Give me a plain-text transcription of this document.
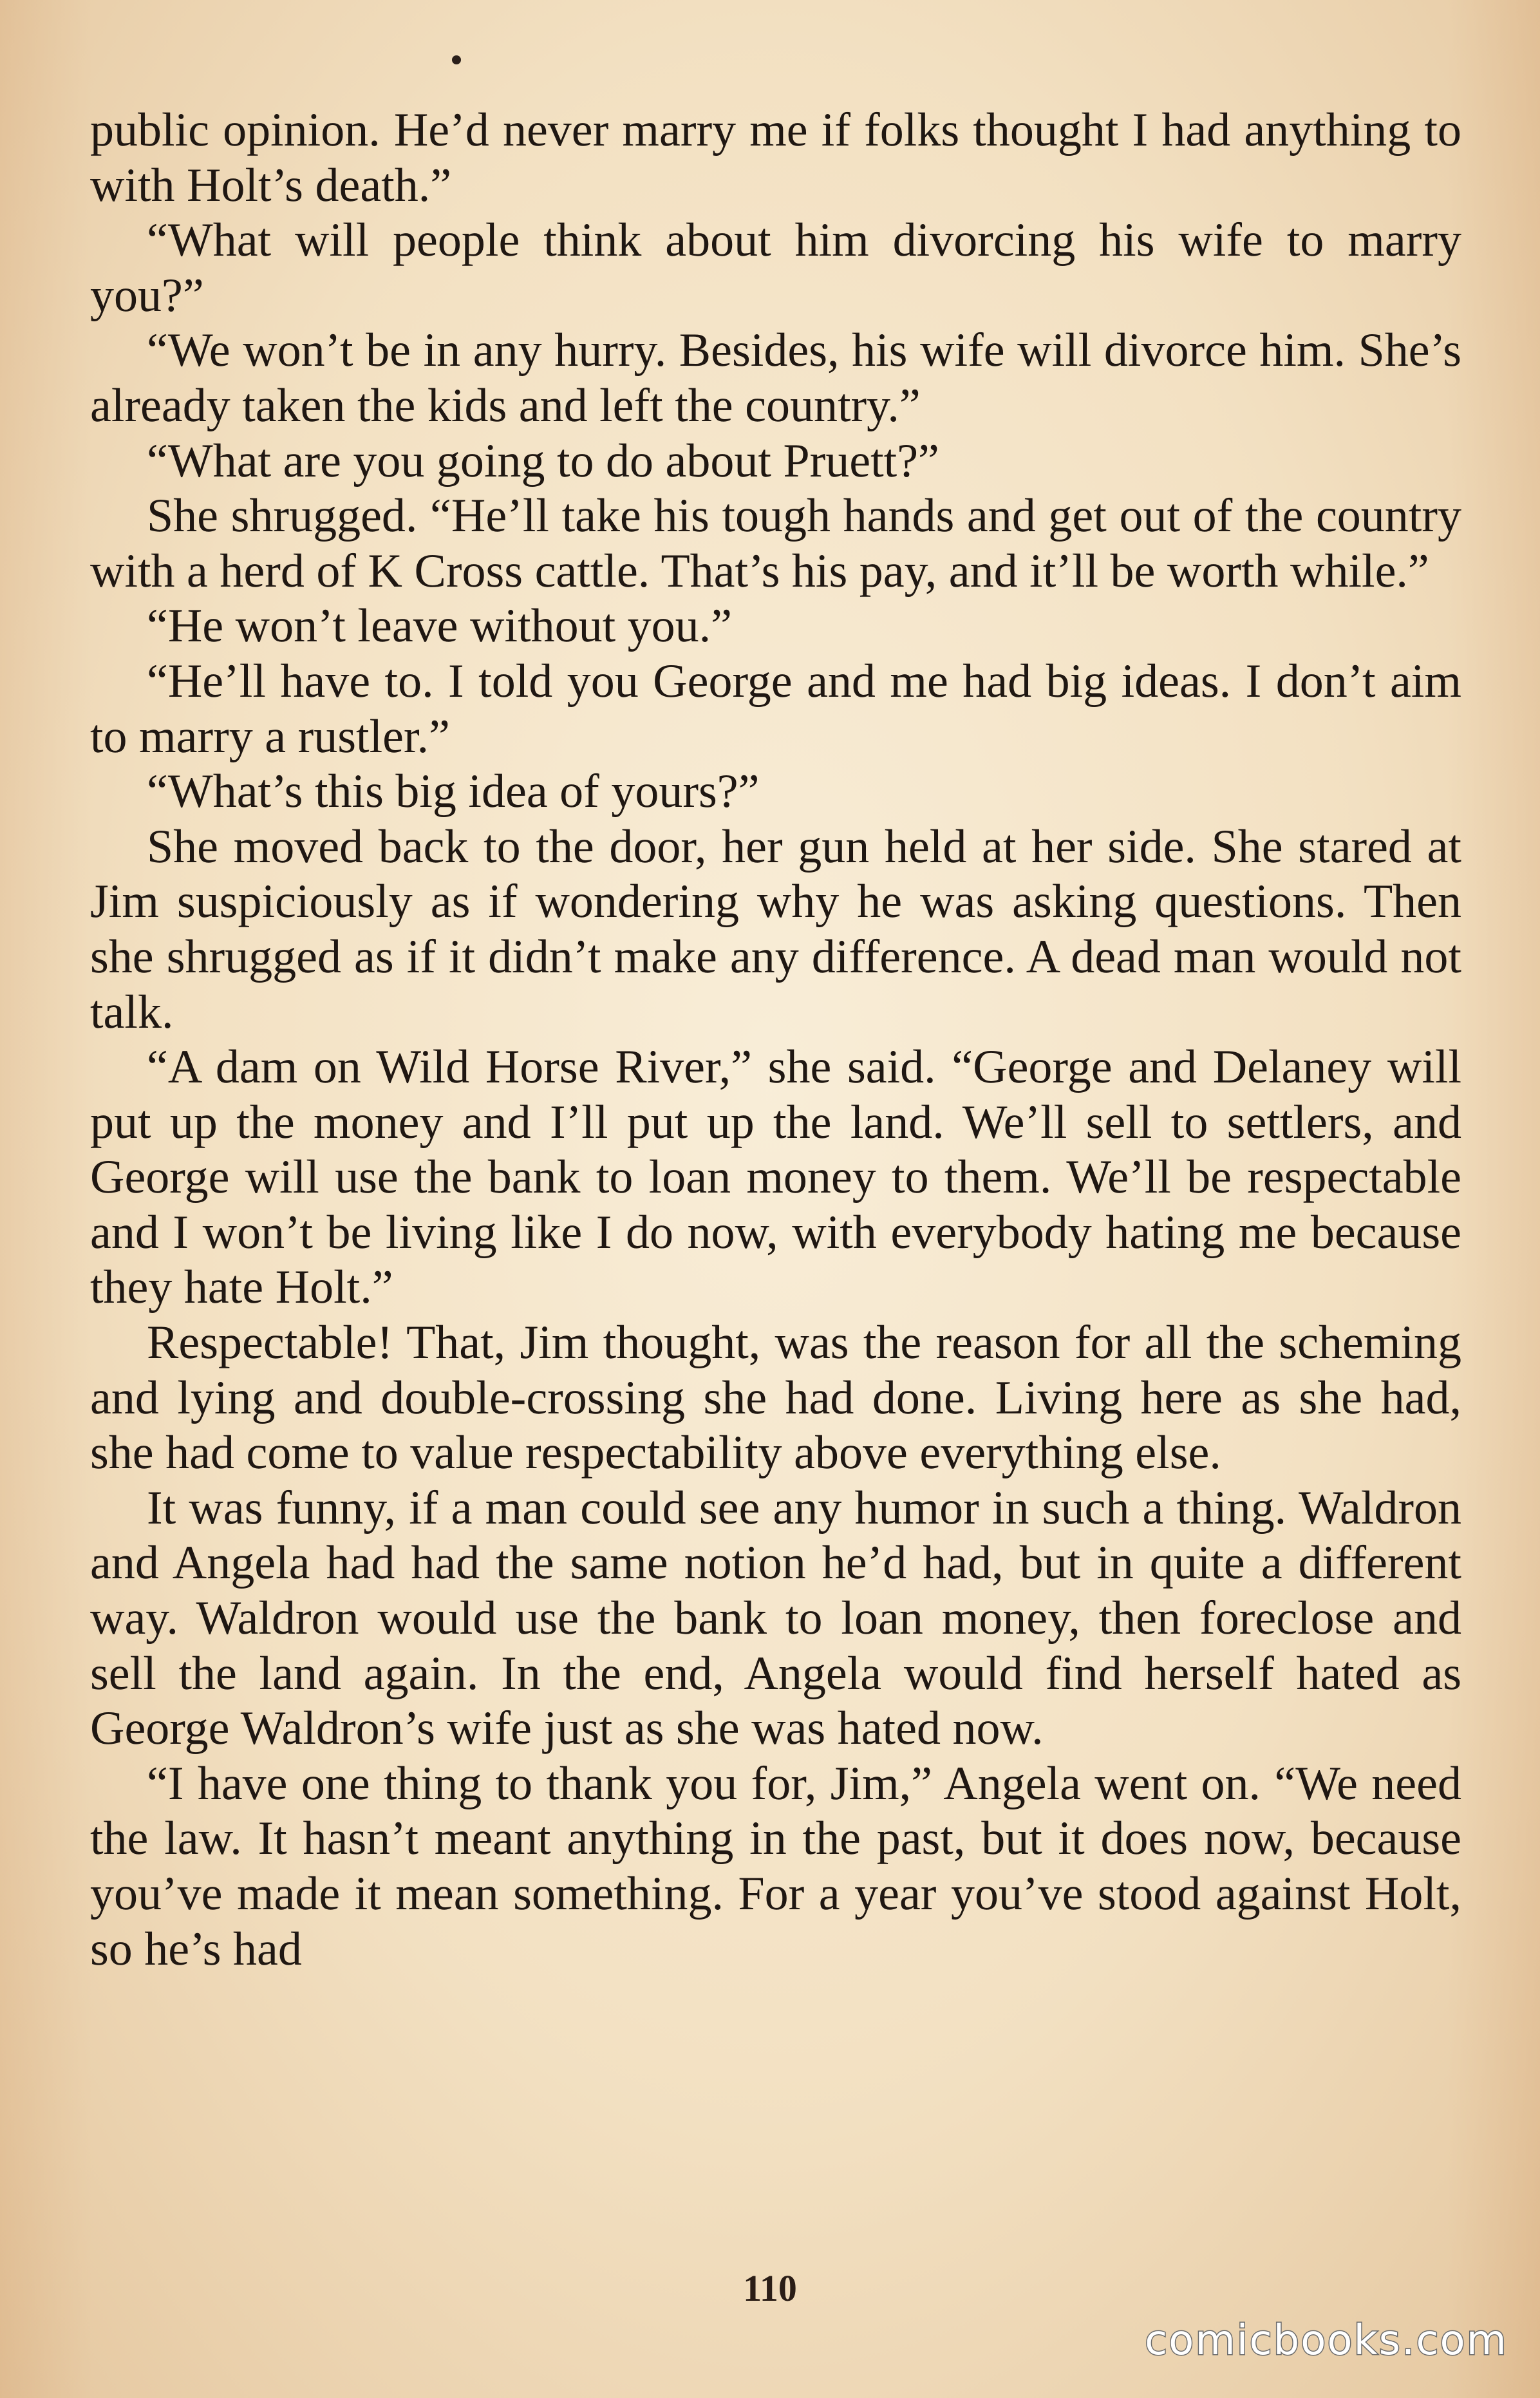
public opinion. He’d never marry me if folks thought I had anything to with Holt’s death.”

“What will people think about him divorcing his wife to marry you?”

“We won’t be in any hurry. Besides, his wife will divorce him. She’s already taken the kids and left the country.”

“What are you going to do about Pruett?”

She shrugged. “He’ll take his tough hands and get out of the country with a herd of K Cross cattle. That’s his pay, and it’ll be worth while.”

“He won’t leave without you.”

“He’ll have to. I told you George and me had big ideas. I don’t aim to marry a rustler.”

“What’s this big idea of yours?”

She moved back to the door, her gun held at her side. She stared at Jim suspiciously as if wondering why he was asking questions. Then she shrugged as if it didn’t make any difference. A dead man would not talk.

“A dam on Wild Horse River,” she said. “George and Delaney will put up the money and I’ll put up the land. We’ll sell to settlers, and George will use the bank to loan money to them. We’ll be respectable and I won’t be living like I do now, with everybody hating me because they hate Holt.”

Respectable! That, Jim thought, was the reason for all the scheming and lying and double-crossing she had done. Living here as she had, she had come to value respectability above everything else.

It was funny, if a man could see any humor in such a thing. Waldron and Angela had had the same notion he’d had, but in quite a different way. Waldron would use the bank to loan money, then foreclose and sell the land again. In the end, Angela would find herself hated as George Waldron’s wife just as she was hated now.

“I have one thing to thank you for, Jim,” Angela went on. “We need the law. It hasn’t meant anything in the past, but it does now, because you’ve made it mean something. For a year you’ve stood against Holt, so he’s had

110
comicbooks.com
